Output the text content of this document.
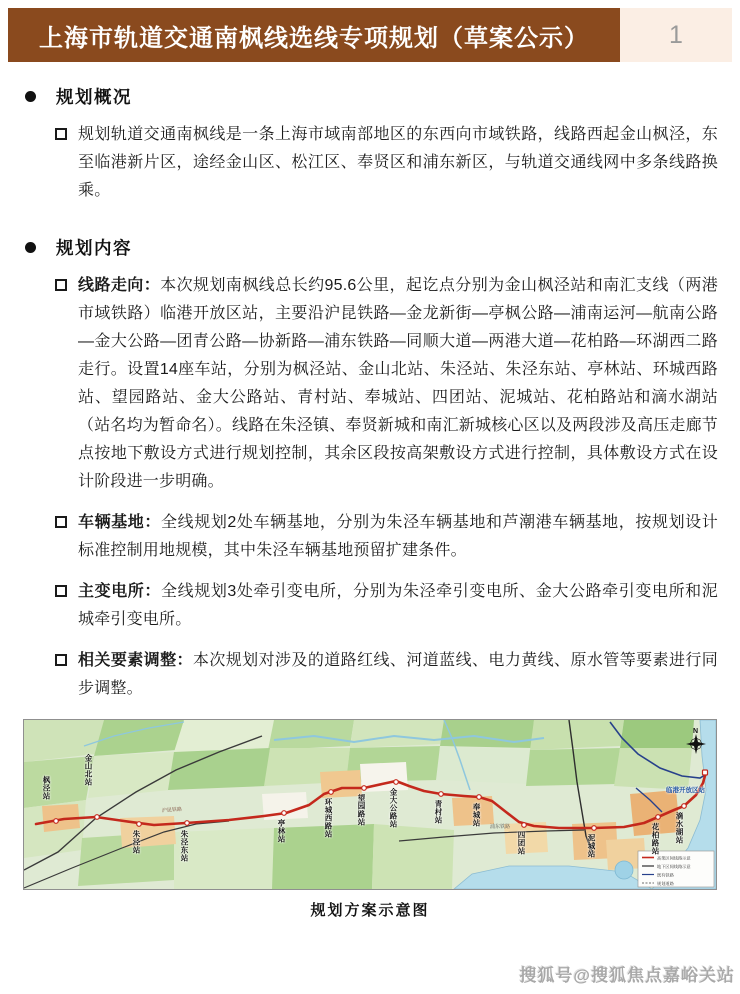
上海市轨道交通南枫线选线专项规划（草案公示）	1
规划概况

规划轨道交通南枫线是一条上海市域南部地区的东西向市域铁路，线路西起金山枫泾，东至临港新片区，途经金山区、松江区、奉贤区和浦东新区，与轨道交通线网中多条线路换乘。

规划内容

线路走向：本次规划南枫线总长约95.6公里，起讫点分别为金山枫泾站和南汇支线（两港市域铁路）临港开放区站，主要沿沪昆铁路—金龙新街—亭枫公路—浦南运河—航南公路—金大公路—团青公路—协新路—浦东铁路—同顺大道—两港大道—花柏路—环湖西二路走行。设置14座车站，分别为枫泾站、金山北站、朱泾站、朱泾东站、亭林站、环城西路站、望园路站、金大公路站、青村站、奉城站、四团站、泥城站、花柏路站和滴水湖站（站名均为暂命名）。线路在朱泾镇、奉贤新城和南汇新城核心区以及两段涉及高压走廊节点按地下敷设方式进行规划控制，其余区段按高架敷设方式进行控制，具体敷设方式在设计阶段进一步明确。

车辆基地：全线规划2处车辆基地，分别为朱泾车辆基地和芦潮港车辆基地，按规划设计标准控制用地规模，其中朱泾车辆基地预留扩建条件。

主变电所：全线规划3处牵引变电所，分别为朱泾牵引变电所、金大公路牵引变电所和泥城牵引变电所。

相关要素调整：本次规划对涉及的道路红线、河道蓝线、电力黄线、原水管等要素进行同步调整。

沪昆铁路
浦东铁路
N
高架区间线路示意
地下区间线路示意
既有铁路
规划道路
枫泾站
金山北站
朱泾站	朱泾东站	亭林站	环城西路站	望园路站	金大公路站	青村站	奉城站
四团站	泥城站	花柏路站 滴水湖站
临港开放区站
规划方案示意图
搜狐号@搜狐焦点嘉峪关站
